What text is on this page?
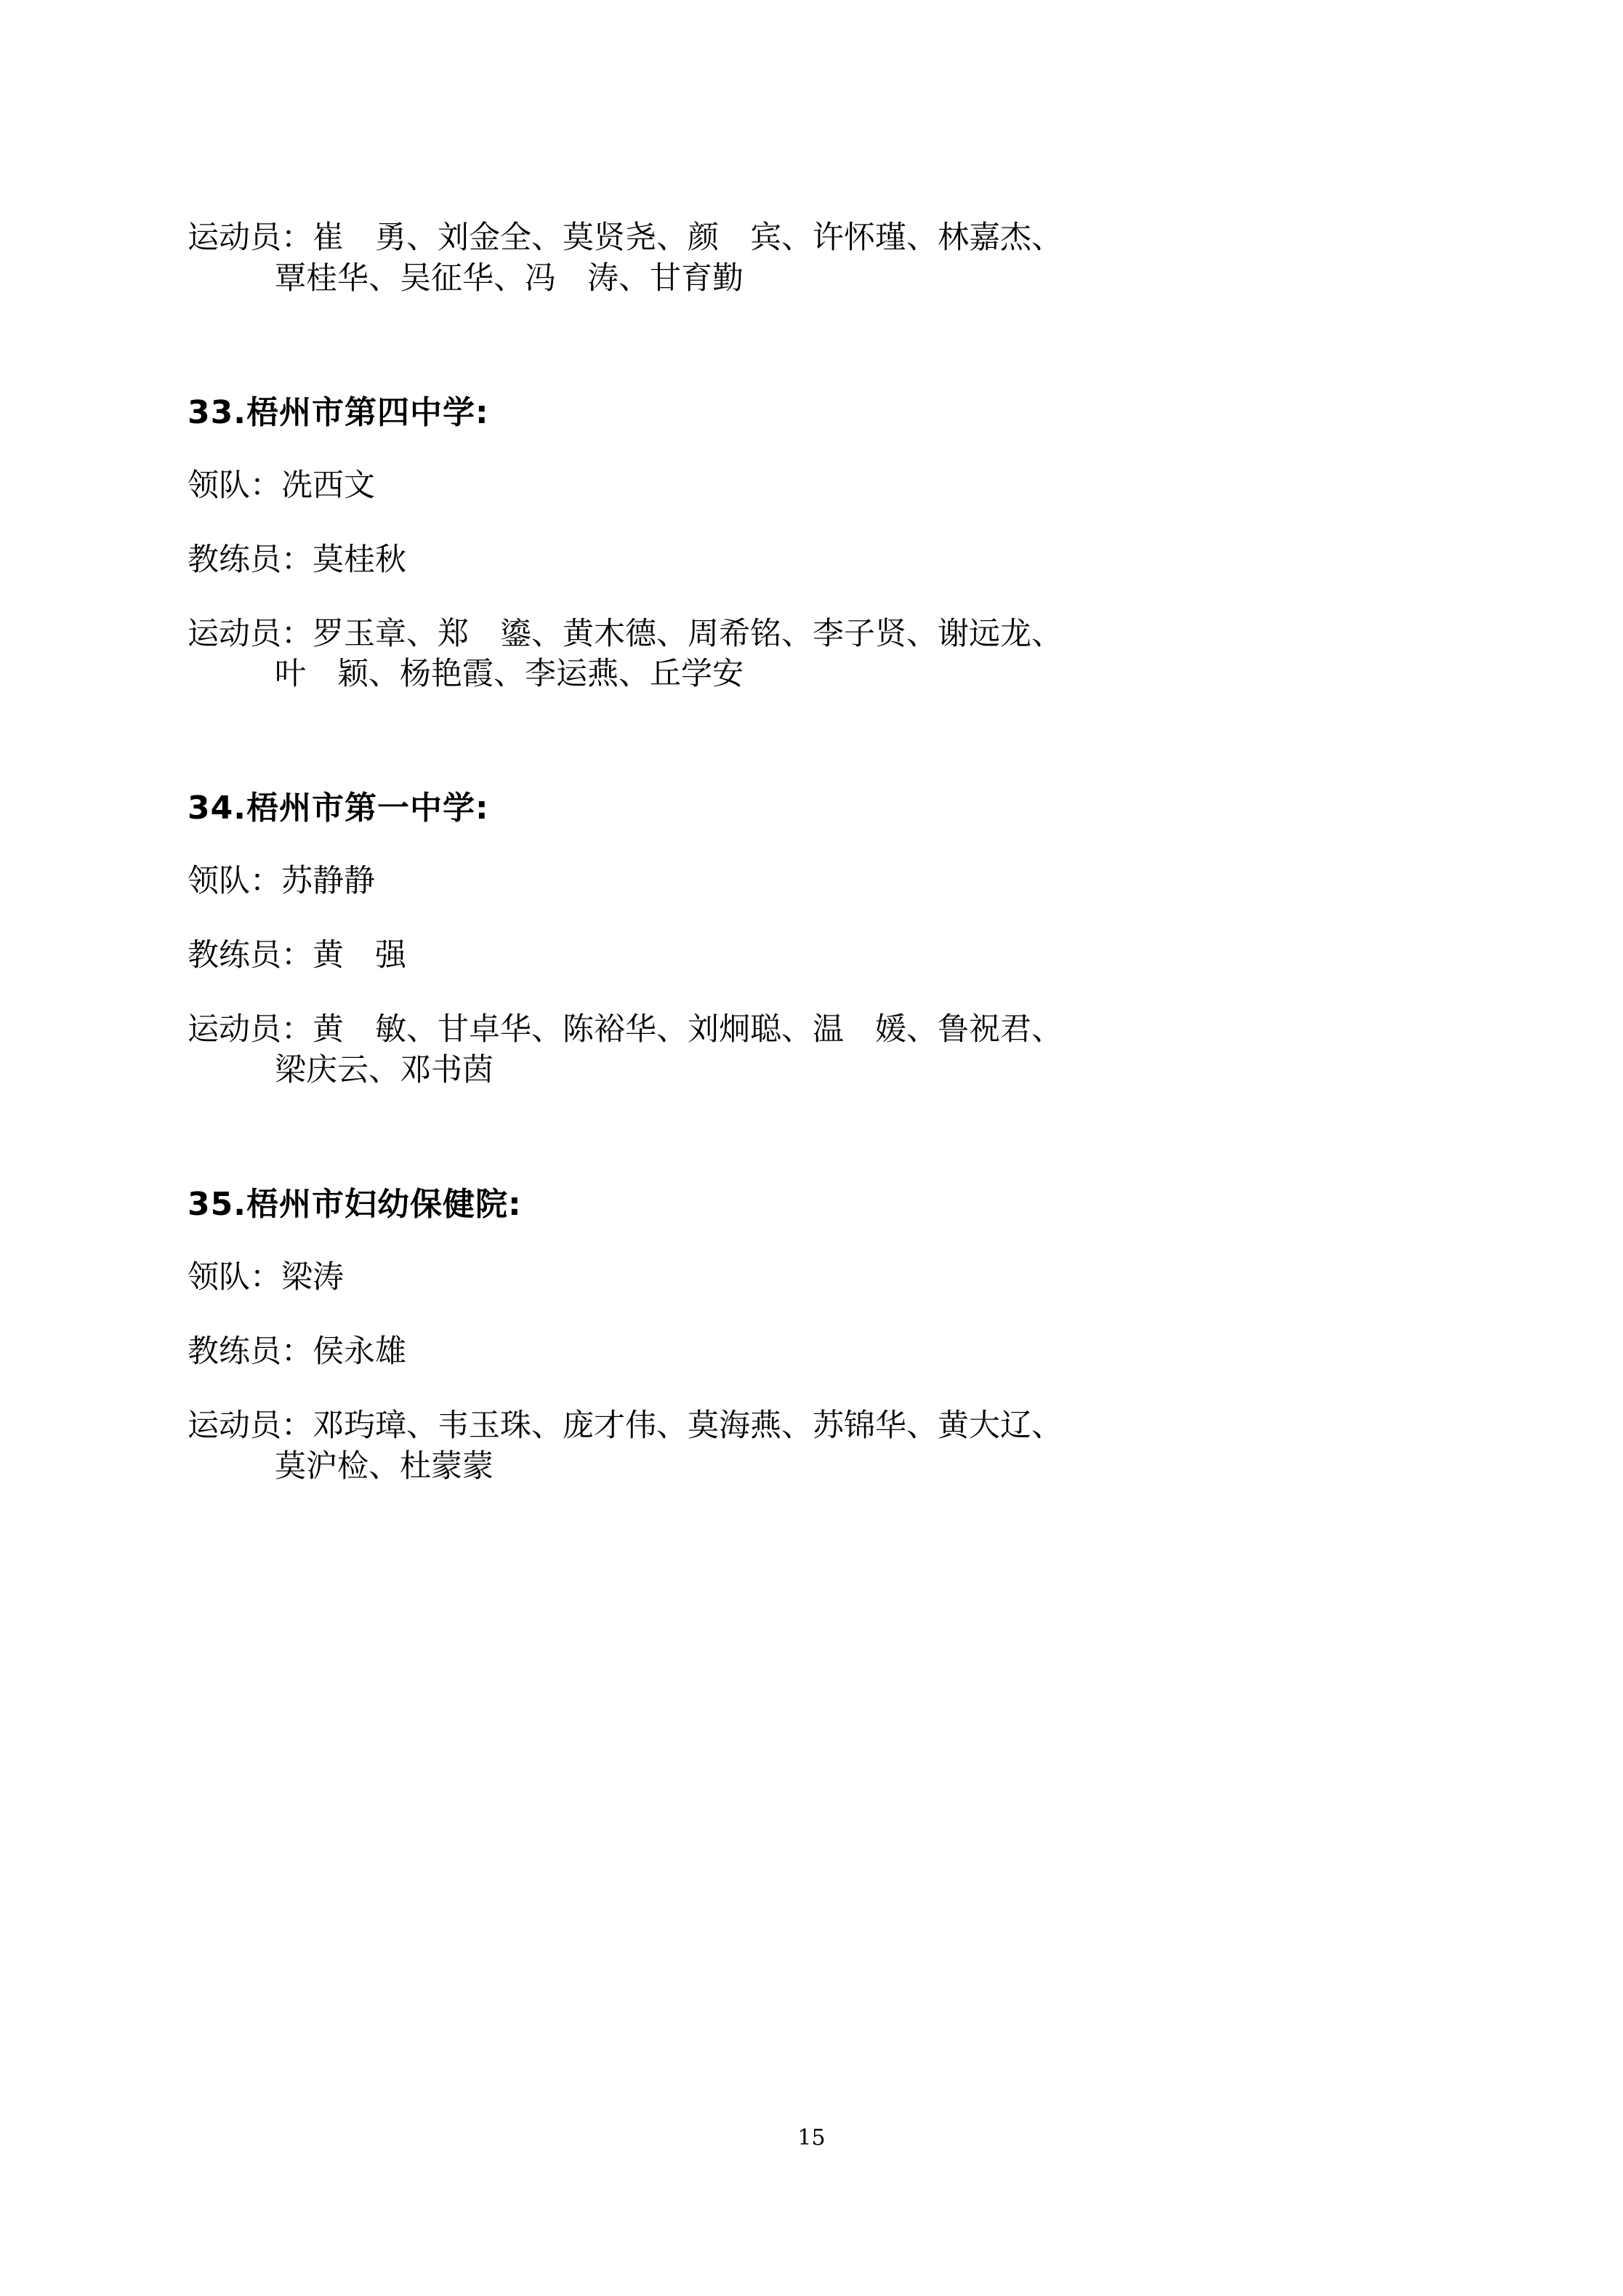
运动员： 崔　勇、刘金全、莫贤尧、颜　宾、许怀瑾、林嘉杰、
覃桂华、吴征华、冯　涛、甘育勤
33.梧州市第四中学:
领队： 冼西文
教练员： 莫桂秋
运动员： 罗玉章、郑　鎏、黄木德、周希铭、李子贤、谢远龙、
叶　颖、杨艳霞、李运燕、丘学安
34.梧州市第一中学:
领队： 苏静静
教练员： 黄　强
运动员： 黄　敏、甘卓华、陈裕华、刘炯聪、温　媛、鲁祝君、
梁庆云、邓书茵
35.梧州市妇幼保健院:
领队： 梁涛
教练员： 侯永雄
运动员： 邓玙璋、韦玉珠、庞才伟、莫海燕、苏锦华、黄大辽、
莫沪检、杜蒙蒙
15
